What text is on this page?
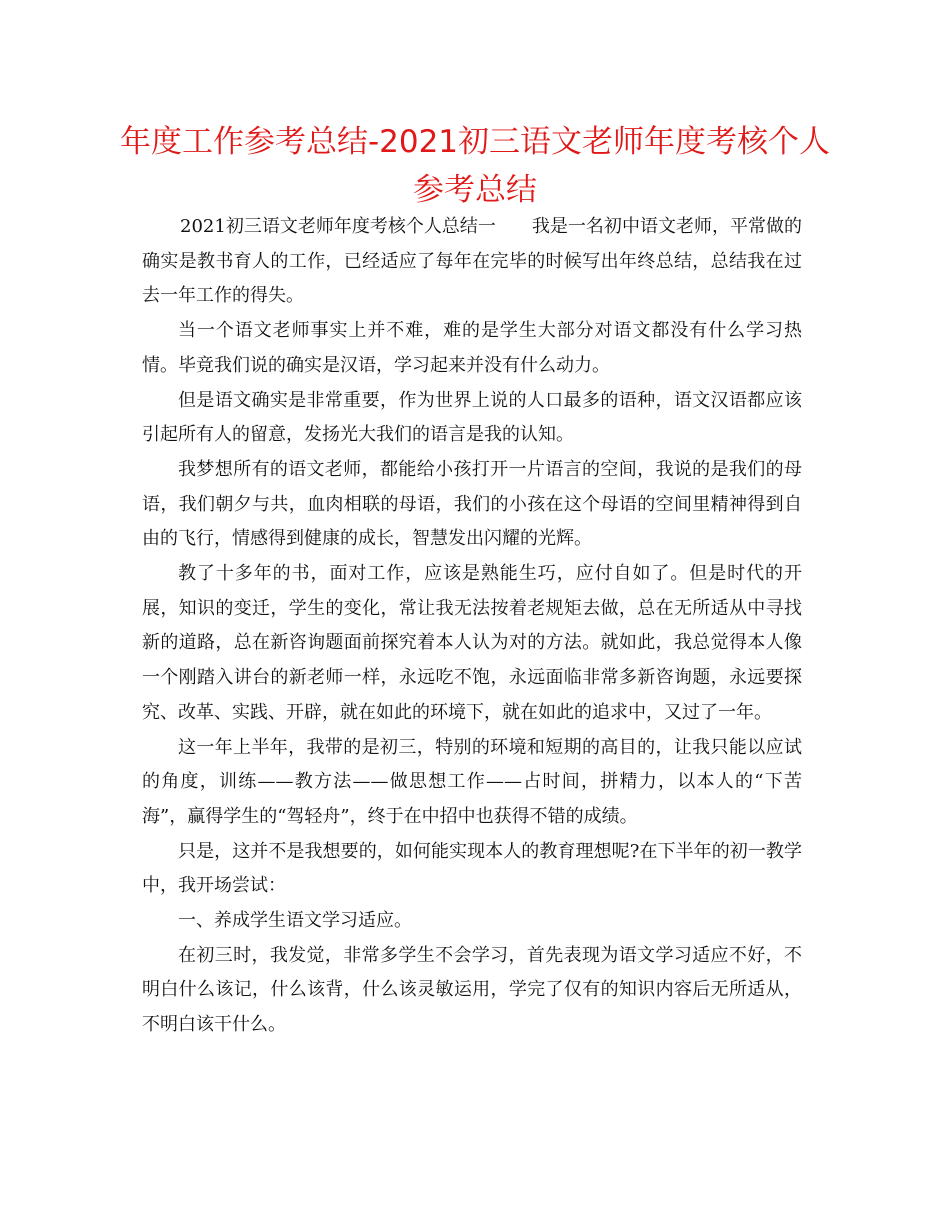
年度工作参考总结-2021初三语文老师年度考核个人参考总结

2021初三语文老师年度考核个人总结一 我是一名初中语文老师，平常做的确实是教书育人的工作，已经适应了每年在完毕的时候写出年终总结，总结我在过去一年工作的得失。

当一个语文老师事实上并不难，难的是学生大部分对语文都没有什么学习热情。毕竟我们说的确实是汉语，学习起来并没有什么动力。

但是语文确实是非常重要，作为世界上说的人口最多的语种，语文汉语都应该引起所有人的留意，发扬光大我们的语言是我的认知。

我梦想所有的语文老师，都能给小孩打开一片语言的空间，我说的是我们的母语，我们朝夕与共，血肉相联的母语，我们的小孩在这个母语的空间里精神得到自由的飞行，情感得到健康的成长，智慧发出闪耀的光辉。

教了十多年的书，面对工作，应该是熟能生巧，应付自如了。但是时代的开展，知识的变迁，学生的变化，常让我无法按着老规矩去做，总在无所适从中寻找新的道路，总在新咨询题面前探究着本人认为对的方法。就如此，我总觉得本人像一个刚踏入讲台的新老师一样，永远吃不饱，永远面临非常多新咨询题，永远要探究、改革、实践、开辟，就在如此的环境下，就在如此的追求中，又过了一年。

这一年上半年，我带的是初三，特别的环境和短期的高目的，让我只能以应试的角度，训练——教方法——做思想工作——占时间，拼精力，以本人的“下苦海”，赢得学生的“驾轻舟”，终于在中招中也获得不错的成绩。

只是，这并不是我想要的，如何能实现本人的教育理想呢?在下半年的初一教学中，我开场尝试：

一、养成学生语文学习适应。

在初三时，我发觉，非常多学生不会学习，首先表现为语文学习适应不好，不明白什么该记，什么该背，什么该灵敏运用，学完了仅有的知识内容后无所适从，不明白该干什么。
